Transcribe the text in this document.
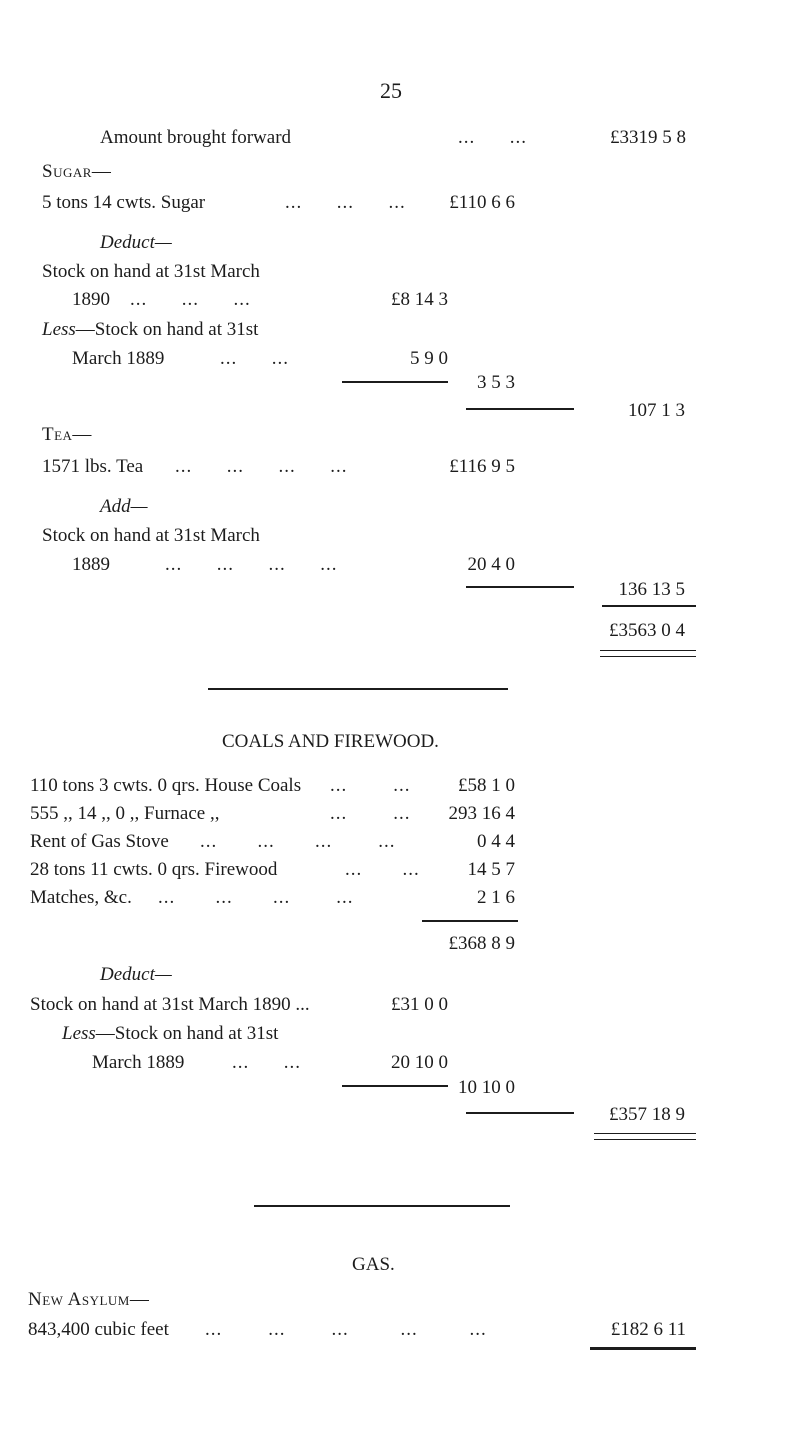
25
Amount brought forward	...      ...	£3319 5 8
Sugar—
5 tons 14 cwts. Sugar	...      ...      ... £110 6 6
Deduct—
Stock on hand at 31st March
1890 ...      ...      ...	£8 14 3
Less—Stock on hand at 31st
March 1889	...      ...	5 9 0
3 5 3
107 1 3
Tea—
1571 lbs. Tea ...      ...      ...      ...	£116 9 5
Add—
Stock on hand at 31st March
1889	...      ...      ...      ...	20 4 0
136 13 5
£3563 0 4
COALS AND FIREWOOD.
110 tons 3 cwts. 0 qrs. House Coals ...        ...	£58 1 0
555 ,, 14 ,, 0 ,, Furnace ,,	...        ... 293 16 4
Rent of Gas Stove ...       ...       ...        ...	0 4 4
28 tons 11 cwts. 0 qrs. Firewood	...       ...	14 5 7
Matches, &c. ...       ...       ...        ...	2 1 6
£368 8 9
Deduct—
Stock on hand at 31st March 1890 ...	£31 0 0
Less—Stock on hand at 31st
March 1889	...      ...	20 10 0
10 10 0
£357 18 9
GAS.
New Asylum—
843,400 cubic feet ...        ...        ...         ...         ...	£182 6 11
